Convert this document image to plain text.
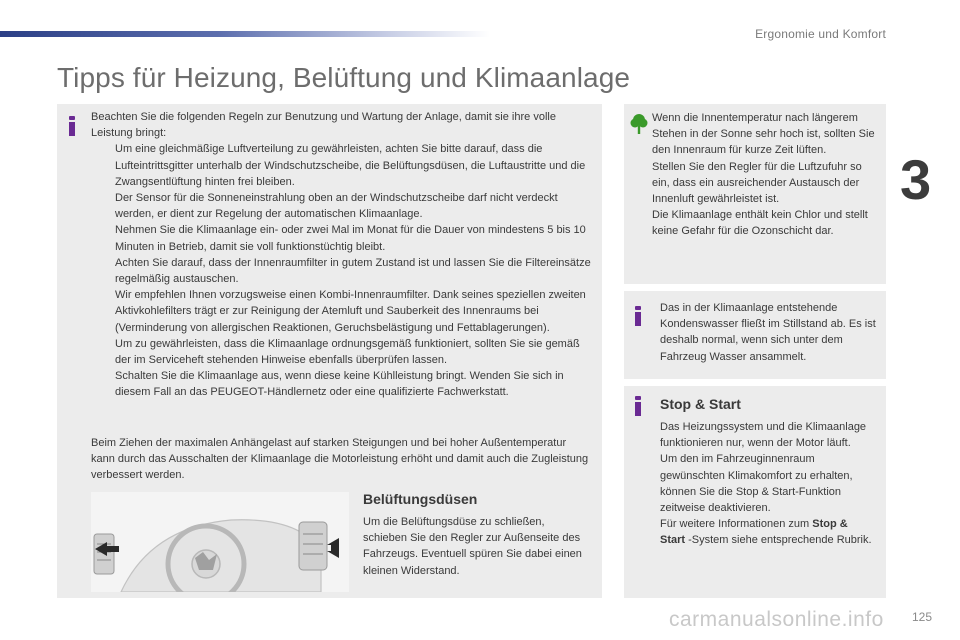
Ergonomie und Komfort
3
Tipps für Heizung, Belüftung und Klimaanlage
Beachten Sie die folgenden Regeln zur Benutzung und Wartung der Anlage, damit sie ihre volle Leistung bringt:
Um eine gleichmäßige Luftverteilung zu gewährleisten, achten Sie bitte darauf, dass die Lufteintrittsgitter unterhalb der Windschutzscheibe, die Belüftungsdüsen, die Luftaustritte und die Zwangsentlüftung hinten frei bleiben.
Der Sensor für die Sonneneinstrahlung oben an der Windschutzscheibe darf nicht verdeckt werden, er dient zur Regelung der automatischen Klimaanlage.
Nehmen Sie die Klimaanlage ein- oder zwei Mal im Monat für die Dauer von mindestens 5 bis 10 Minuten in Betrieb, damit sie voll funktionstüchtig bleibt.
Achten Sie darauf, dass der Innenraumfilter in gutem Zustand ist und lassen Sie die Filtereinsätze regelmäßig austauschen.
Wir empfehlen Ihnen vorzugsweise einen Kombi-Innenraumfilter. Dank seines speziellen zweiten Aktivkohlefilters trägt er zur Reinigung der Atemluft und Sauberkeit des Innenraums bei (Verminderung von allergischen Reaktionen, Geruchsbelästigung und Fettablagerungen).
Um zu gewährleisten, dass die Klimaanlage ordnungsgemäß funktioniert, sollten Sie sie gemäß der im Serviceheft stehenden Hinweise ebenfalls überprüfen lassen.
Schalten Sie die Klimaanlage aus, wenn diese keine Kühlleistung bringt. Wenden Sie sich in diesem Fall an das PEUGEOT-Händlernetz oder eine qualifizierte Fachwerkstatt.
Beim Ziehen der maximalen Anhängelast auf starken Steigungen und bei hoher Außentemperatur kann durch das Ausschalten der Klimaanlage die Motorleistung erhöht und damit auch die Zugleistung verbessert werden.
Belüftungsdüsen
Um die Belüftungsdüse zu schließen, schieben Sie den Regler zur Außenseite des Fahrzeugs. Eventuell spüren Sie dabei einen kleinen Widerstand.
Wenn die Innentemperatur nach längerem Stehen in der Sonne sehr hoch ist, sollten Sie den Innenraum für kurze Zeit lüften.
Stellen Sie den Regler für die Luftzufuhr so ein, dass ein ausreichender Austausch der Innenluft gewährleistet ist.
Die Klimaanlage enthält kein Chlor und stellt keine Gefahr für die Ozonschicht dar.
Das in der Klimaanlage entstehende Kondenswasser fließt im Stillstand ab. Es ist deshalb normal, wenn sich unter dem Fahrzeug Wasser ansammelt.
Stop & Start
Das Heizungssystem und die Klimaanlage funktionieren nur, wenn der Motor läuft.
Um den im Fahrzeuginnenraum gewünschten Klimakomfort zu erhalten, können Sie die Stop & Start-Funktion zeitweise deaktivieren.
Für weitere Informationen zum Stop &
Start -System siehe entsprechende Rubrik.
carmanualsonline.info 125
